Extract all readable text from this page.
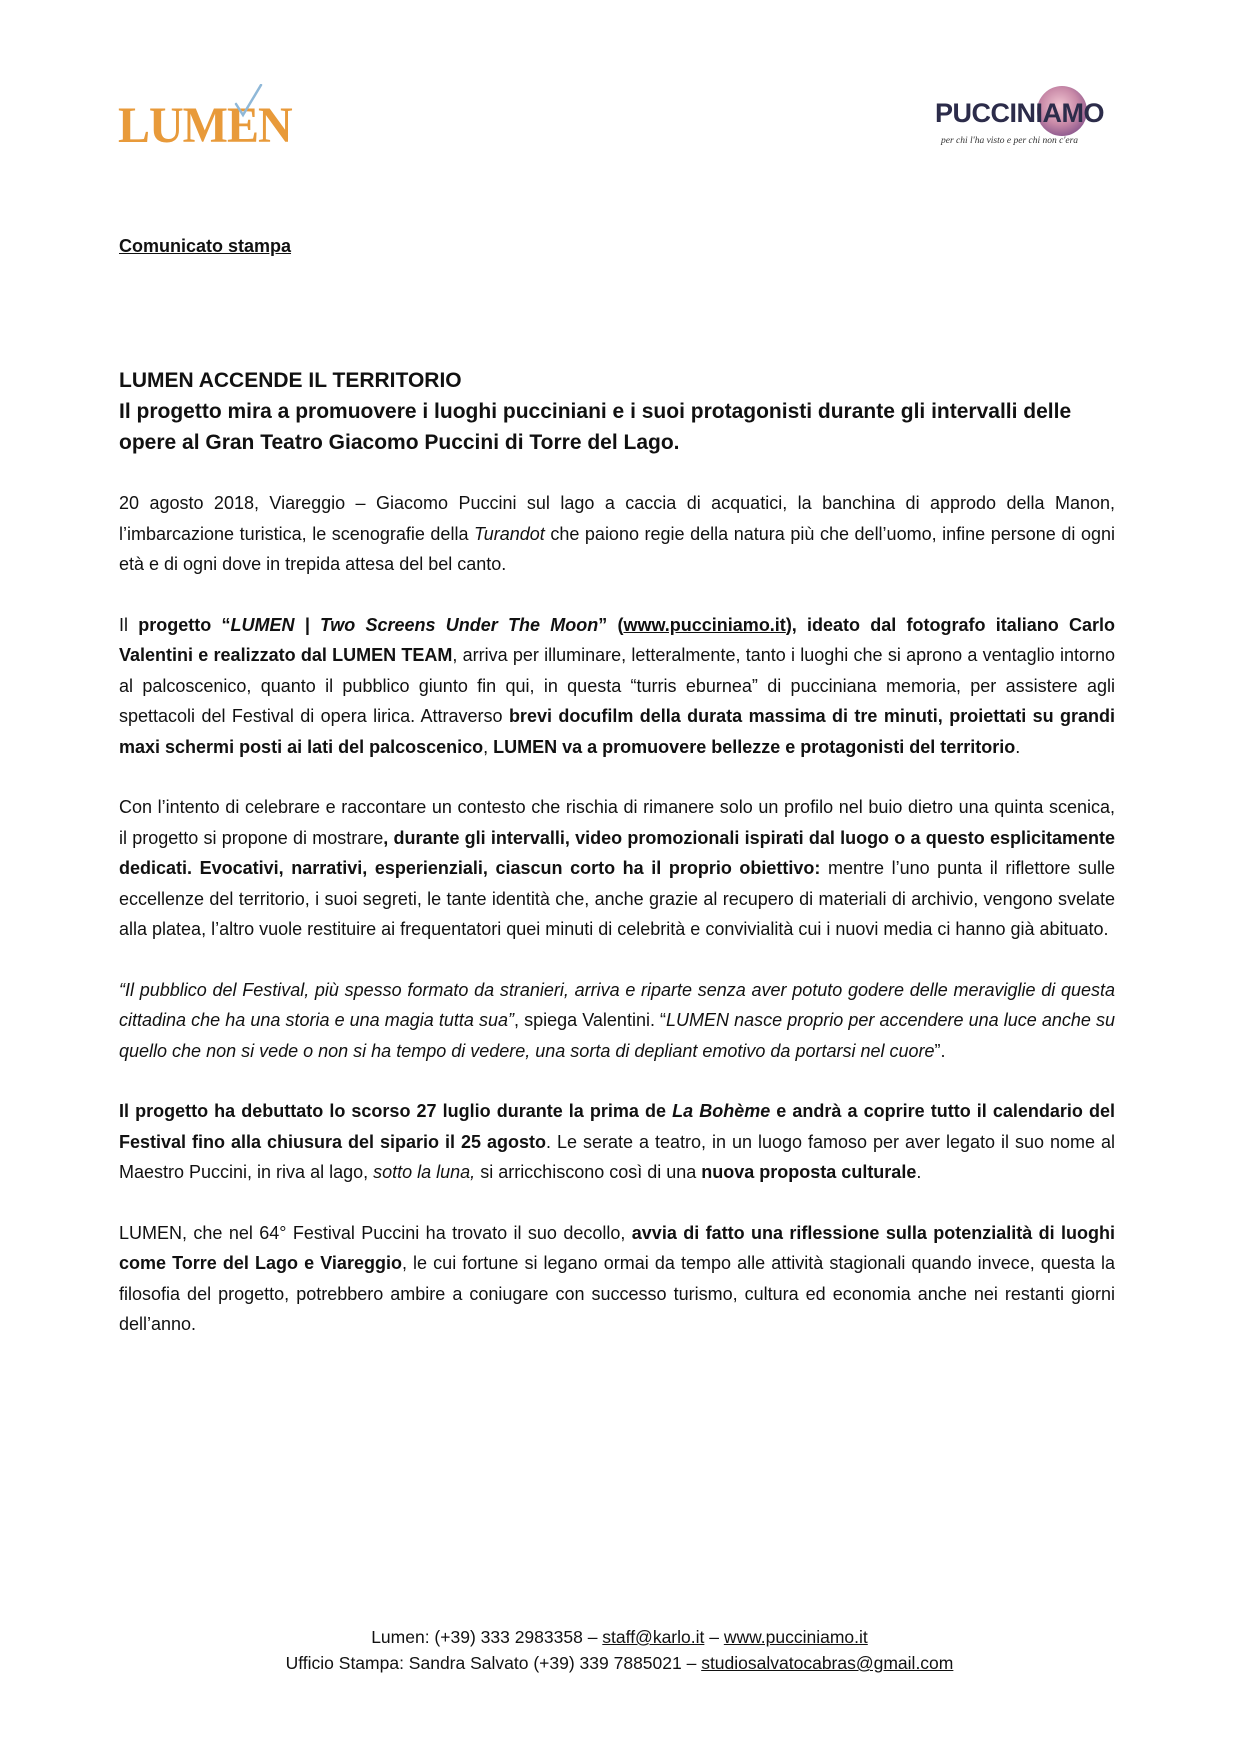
LUMEN	PUCCINIAMO
per chi l'ha visto e per chi non c'era
Comunicato stampa
LUMEN ACCENDE IL TERRITORIO
Il progetto mira a promuovere i luoghi pucciniani e i suoi protagonisti durante gli intervalli delle opere al Gran Teatro Giacomo Puccini di Torre del Lago.

20 agosto 2018, Viareggio – Giacomo Puccini sul lago a caccia di acquatici, la banchina di approdo della Manon, l’imbarcazione turistica, le scenografie della Turandot che paiono regie della natura più che dell’uomo, infine persone di ogni età e di ogni dove in trepida attesa del bel canto.

Il progetto “LUMEN | Two Screens Under The Moon” (www.pucciniamo.it), ideato dal fotografo italiano Carlo Valentini e realizzato dal LUMEN TEAM, arriva per illuminare, letteralmente, tanto i luoghi che si aprono a ventaglio intorno al palcoscenico, quanto il pubblico giunto fin qui, in questa “turris eburnea” di pucciniana memoria, per assistere agli spettacoli del Festival di opera lirica. Attraverso brevi docufilm della durata massima di tre minuti, proiettati su grandi maxi schermi posti ai lati del palcoscenico, LUMEN va a promuovere bellezze e protagonisti del territorio.

Con l’intento di celebrare e raccontare un contesto che rischia di rimanere solo un profilo nel buio dietro una quinta scenica, il progetto si propone di mostrare, durante gli intervalli, video promozionali ispirati dal luogo o a questo esplicitamente dedicati. Evocativi, narrativi, esperienziali, ciascun corto ha il proprio obiettivo: mentre l’uno punta il riflettore sulle eccellenze del territorio, i suoi segreti, le tante identità che, anche grazie al recupero di materiali di archivio, vengono svelate alla platea, l’altro vuole restituire ai frequentatori quei minuti di celebrità e convivialità cui i nuovi media ci hanno già abituato.

“Il pubblico del Festival, più spesso formato da stranieri, arriva e riparte senza aver potuto godere delle meraviglie di questa cittadina che ha una storia e una magia tutta sua”, spiega Valentini. “LUMEN nasce proprio per accendere una luce anche su quello che non si vede o non si ha tempo di vedere, una sorta di depliant emotivo da portarsi nel cuore”.

Il progetto ha debuttato lo scorso 27 luglio durante la prima de La Bohème e andrà a coprire tutto il calendario del Festival fino alla chiusura del sipario il 25 agosto. Le serate a teatro, in un luogo famoso per aver legato il suo nome al Maestro Puccini, in riva al lago, sotto la luna, si arricchiscono così di una nuova proposta culturale.

LUMEN, che nel 64° Festival Puccini ha trovato il suo decollo, avvia di fatto una riflessione sulla potenzialità di luoghi come Torre del Lago e Viareggio, le cui fortune si legano ormai da tempo alle attività stagionali quando invece, questa la filosofia del progetto, potrebbero ambire a coniugare con successo turismo, cultura ed economia anche nei restanti giorni dell’anno.

Lumen: (+39) 333 2983358 – staff@karlo.it – www.pucciniamo.it
Ufficio Stampa: Sandra Salvato (+39) 339 7885021 – studiosalvatocabras@gmail.com
